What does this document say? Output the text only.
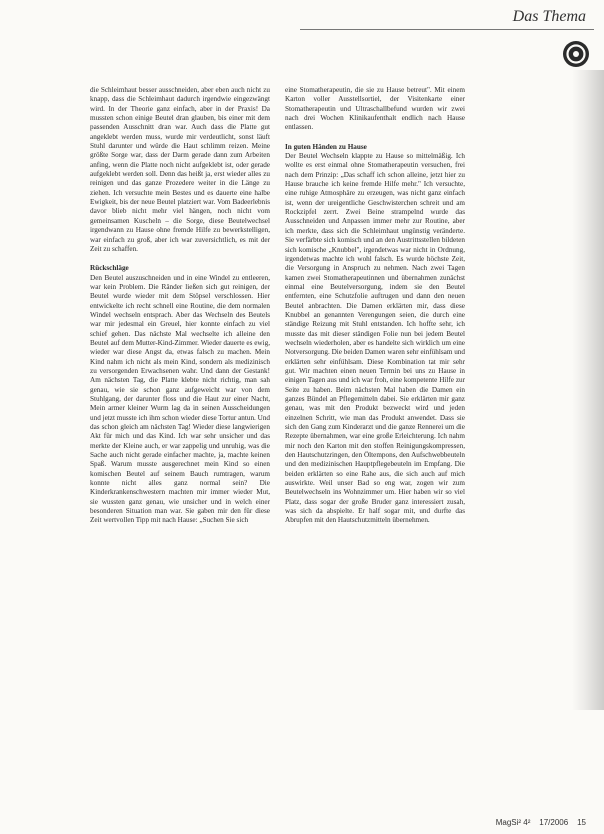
Das Thema

die Schleimhaut besser ausschneiden, aber eben auch nicht zu knapp, dass die Schleimhaut dadurch irgendwie eingezwängt wird. In der Theorie ganz einfach, aber in der Praxis! Da mussten schon einige Beutel dran glauben, bis einer mit dem passenden Ausschnitt dran war. Auch dass die Platte gut angeklebt werden muss, wurde mir verdeutlicht, sonst läuft Stuhl darunter und würde die Haut schlimm reizen. Meine größte Sorge war, dass der Darm gerade dann zum Arbeiten anfing, wenn die Platte noch nicht aufgeklebt ist, oder gerade aufgeklebt werden soll. Denn das heißt ja, erst wieder alles zu reinigen und das ganze Prozedere weiter in die Länge zu ziehen. Ich versuchte mein Bestes und es dauerte eine halbe Ewigkeit, bis der neue Beutel platziert war. Vom Badeerlebnis davor blieb nicht mehr viel hängen, noch nicht vom gemeinsamen Kuscheln – die Sorge, diese Beutelwechsel irgendwann zu Hause ohne fremde Hilfe zu bewerkstelligen, war einfach zu groß, aber ich war zuversichtlich, es mit der Zeit zu schaffen.

Rückschläge

Den Beutel auszuschneiden und in eine Windel zu entleeren, war kein Problem. Die Ränder ließen sich gut reinigen, der Beutel wurde wieder mit dem Stöpsel verschlossen. Hier entwickelte ich recht schnell eine Routine, die dem normalen Windel wechseln entsprach. Aber das Wechseln des Beutels war mir jedesmal ein Greuel, hier konnte einfach zu viel schief gehen. Das nächste Mal wechselte ich alleine den Beutel auf dem Mutter-Kind-Zimmer. Wieder dauerte es ewig, wieder war diese Angst da, etwas falsch zu machen. Mein Kind nahm ich nicht als mein Kind, sondern als medizinisch zu versorgenden Erwachsenen wahr. Und dann der Gestank! Am nächsten Tag, die Platte klebte nicht richtig, man sah genau, wie sie schon ganz aufgeweicht war von dem Stuhlgang, der darunter floss und die Haut zur einer Nacht, Mein armer kleiner Wurm lag da in seinen Ausscheidungen und jetzt musste ich ihm schon wieder diese Tortur antun. Und das schon gleich am nächsten Tag! Wieder diese langwierigen Akt für mich und das Kind. Ich war sehr unsicher und das merkte der Kleine auch, er war zappelig und unruhig, was die Sache auch nicht gerade einfacher machte, ja, machte keinen Spaß. Warum musste ausgerechnet mein Kind so einen komischen Beutel auf seinem Bauch rumtragen, warum konnte nicht alles ganz normal sein? Die Kinderkrankenschwestern machten mir immer wieder Mut, sie wussten ganz genau, wie unsicher und in welch einer besonderen Situation man war. Sie gaben mir den für diese Zeit wertvollen Tipp mit nach Hause: „Suchen Sie sich

eine Stomatherapeutin, die sie zu Hause betreut". Mit einem Karton voller Ausstellsortiel, der Visitenkarte einer Stomatherapeutin und Ultraschallbefund wurden wir zwei nach drei Wochen Klinikaufenthalt endlich nach Hause entlassen.

In guten Händen zu Hause

Der Beutel Wechseln klappte zu Hause so mittelmäßig. Ich wollte es erst einmal ohne Stomatherapeutin versuchen, frei nach dem Prinzip: „Das schaff ich schon alleine, jetzt hier zu Hause brauche ich keine fremde Hilfe mehr." Ich versuchte, eine ruhige Atmosphäre zu erzeugen, was nicht ganz einfach ist, wenn der ureigentliche Geschwisterchen schreit und am Rockzipfel zerrt. Zwei Beine strampelnd wurde das Ausschneiden und Anpassen immer mehr zur Routine, aber ich merkte, dass sich die Schleimhaut ungünstig veränderte. Sie verfärbte sich komisch und an den Austrittsstellen bildeten sich komische „Knubbel", irgendetwas war nicht in Ordnung, irgendetwas machte ich wohl falsch. Es wurde höchste Zeit, die Versorgung in Anspruch zu nehmen. Nach zwei Tagen kamen zwei Stomatherapeutinnen und übernahmen zunächst einmal eine Beutelversorgung, indem sie den Beutel entfernten, eine Schutzfolie auftrugen und dann den neuen Beutel anbrachten. Die Damen erklärten mir, dass diese Knubbel an genannten Verengungen seien, die durch eine ständige Reizung mit Stuhl entstanden. Ich hoffte sehr, ich musste das mit dieser ständigen Folie nun bei jedem Beutel wechseln wiederholen, aber es handelte sich wirklich um eine Notversorgung. Die beiden Damen waren sehr einfühlsam und erklärten sehr einfühlsam. Diese Kombination tat mir sehr gut. Wir machten einen neuen Termin bei uns zu Hause in einigen Tagen aus und ich war froh, eine kompetente Hilfe zur Seite zu haben. Beim nächsten Mal haben die Damen ein ganzes Bündel an Pflegemitteln dabei. Sie erklärten mir ganz genau, was mit den Produkt bezweckt wird und jeden einzelnen Schritt, wie man das Produkt anwendet. Dass sie sich den Gang zum Kinderarzt und die ganze Rennerei um die Rezepte übernahmen, war eine große Erleichterung. Ich nahm mir noch den Karton mit den stoffen Reinigungskompressen, den Hautschutzringen, den Öltempons, den Aufschwebbeuteln und den medizinischen Hauptpflegebeuteln im Empfang. Die beiden erklärten so eine Rahe aus, die sich auch auf mich auswirkte. Weil unser Bad so eng war, zogen wir zum Beutelwechseln ins Wohnzimmer um. Hier haben wir so viel Platz, dass sogar der große Bruder ganz interessiert zusah, was sich da abspielte. Er half sogar mit, und durfte das Abrupfen mit den Hautschutzmitteln übernehmen.

MagSi² 4² 17/2006 15
